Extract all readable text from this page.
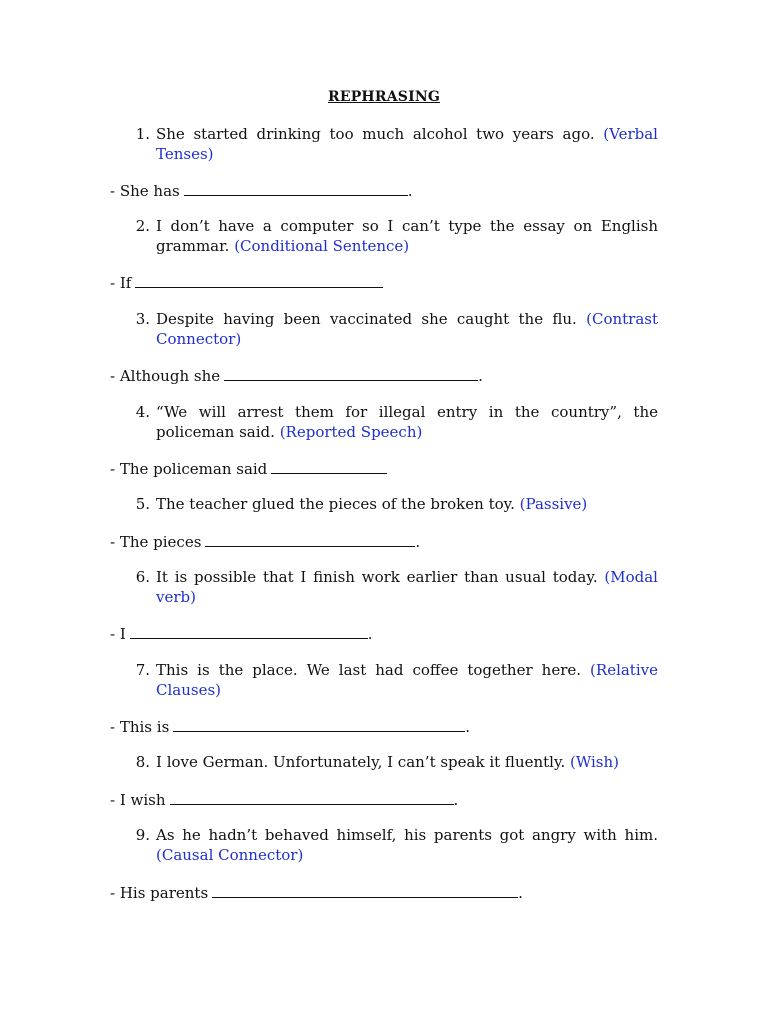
REPHRASING
1. She started drinking too much alcohol two years ago. (Verbal Tenses)
- She has	.
2. I don’t have a computer so I can’t type the essay on English grammar. (Conditional Sentence)
- If
3. Despite having been vaccinated she caught the flu. (Contrast Connector)
- Although she	.
4. “We will arrest them for illegal entry in the country”, the policeman said. (Reported Speech)
- The policeman said
5. The teacher glued the pieces of the broken toy. (Passive)
- The pieces	.
6. It is possible that I finish work earlier than usual today. (Modal verb)
- I	.
7. This is the place. We last had coffee together here. (Relative Clauses)
- This is	.
8. I love German. Unfortunately, I can’t speak it fluently. (Wish)
- I wish	.
9. As he hadn’t behaved himself, his parents got angry with him. (Causal Connector)
- His parents	.
